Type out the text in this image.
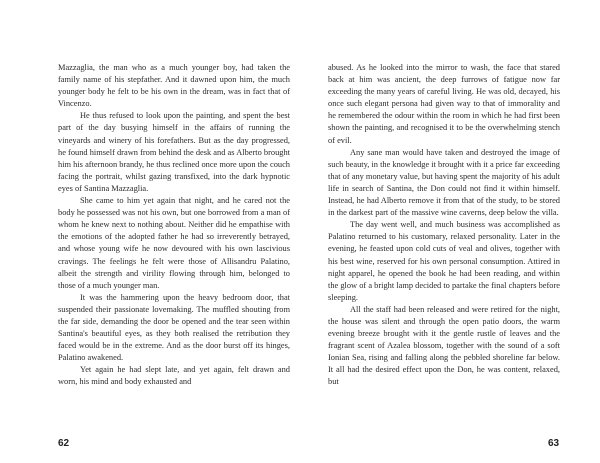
Mazzaglia, the man who as a much younger boy, had taken the family name of his stepfather. And it dawned upon him, the much younger body he felt to be his own in the dream, was in fact that of Vincenzo.

He thus refused to look upon the painting, and spent the best part of the day busying himself in the affairs of running the vineyards and winery of his forefathers. But as the day progressed, he found himself drawn from behind the desk and as Alberto brought him his afternoon brandy, he thus reclined once more upon the couch facing the portrait, whilst gazing transfixed, into the dark hypnotic eyes of Santina Mazzaglia.

She came to him yet again that night, and he cared not the body he possessed was not his own, but one borrowed from a man of whom he knew next to nothing about. Neither did he empathise with the emotions of the adopted father he had so irreverently betrayed, and whose young wife he now devoured with his own lascivious cravings. The feelings he felt were those of Allisandru Palatino, albeit the strength and virility flowing through him, belonged to those of a much younger man.

It was the hammering upon the heavy bedroom door, that suspended their passionate lovemaking. The muffled shouting from the far side, demanding the door be opened and the tear seen within Santina's beautiful eyes, as they both realised the retribution they faced would be in the extreme. And as the door burst off its hinges, Palatino awakened.

Yet again he had slept late, and yet again, felt drawn and worn, his mind and body exhausted and

62

abused. As he looked into the mirror to wash, the face that stared back at him was ancient, the deep furrows of fatigue now far exceeding the many years of careful living. He was old, decayed, his once such elegant persona had given way to that of immorality and he remembered the odour within the room in which he had first been shown the painting, and recognised it to be the overwhelming stench of evil.

Any sane man would have taken and destroyed the image of such beauty, in the knowledge it brought with it a price far exceeding that of any monetary value, but having spent the majority of his adult life in search of Santina, the Don could not find it within himself. Instead, he had Alberto remove it from that of the study, to be stored in the darkest part of the massive wine caverns, deep below the villa.

The day went well, and much business was accomplished as Palatino returned to his customary, relaxed personality. Later in the evening, he feasted upon cold cuts of veal and olives, together with his best wine, reserved for his own personal consumption. Attired in night apparel, he opened the book he had been reading, and within the glow of a bright lamp decided to partake the final chapters before sleeping.

All the staff had been released and were retired for the night, the house was silent and through the open patio doors, the warm evening breeze brought with it the gentle rustle of leaves and the fragrant scent of Azalea blossom, together with the sound of a soft Ionian Sea, rising and falling along the pebbled shoreline far below. It all had the desired effect upon the Don, he was content, relaxed, but

63
